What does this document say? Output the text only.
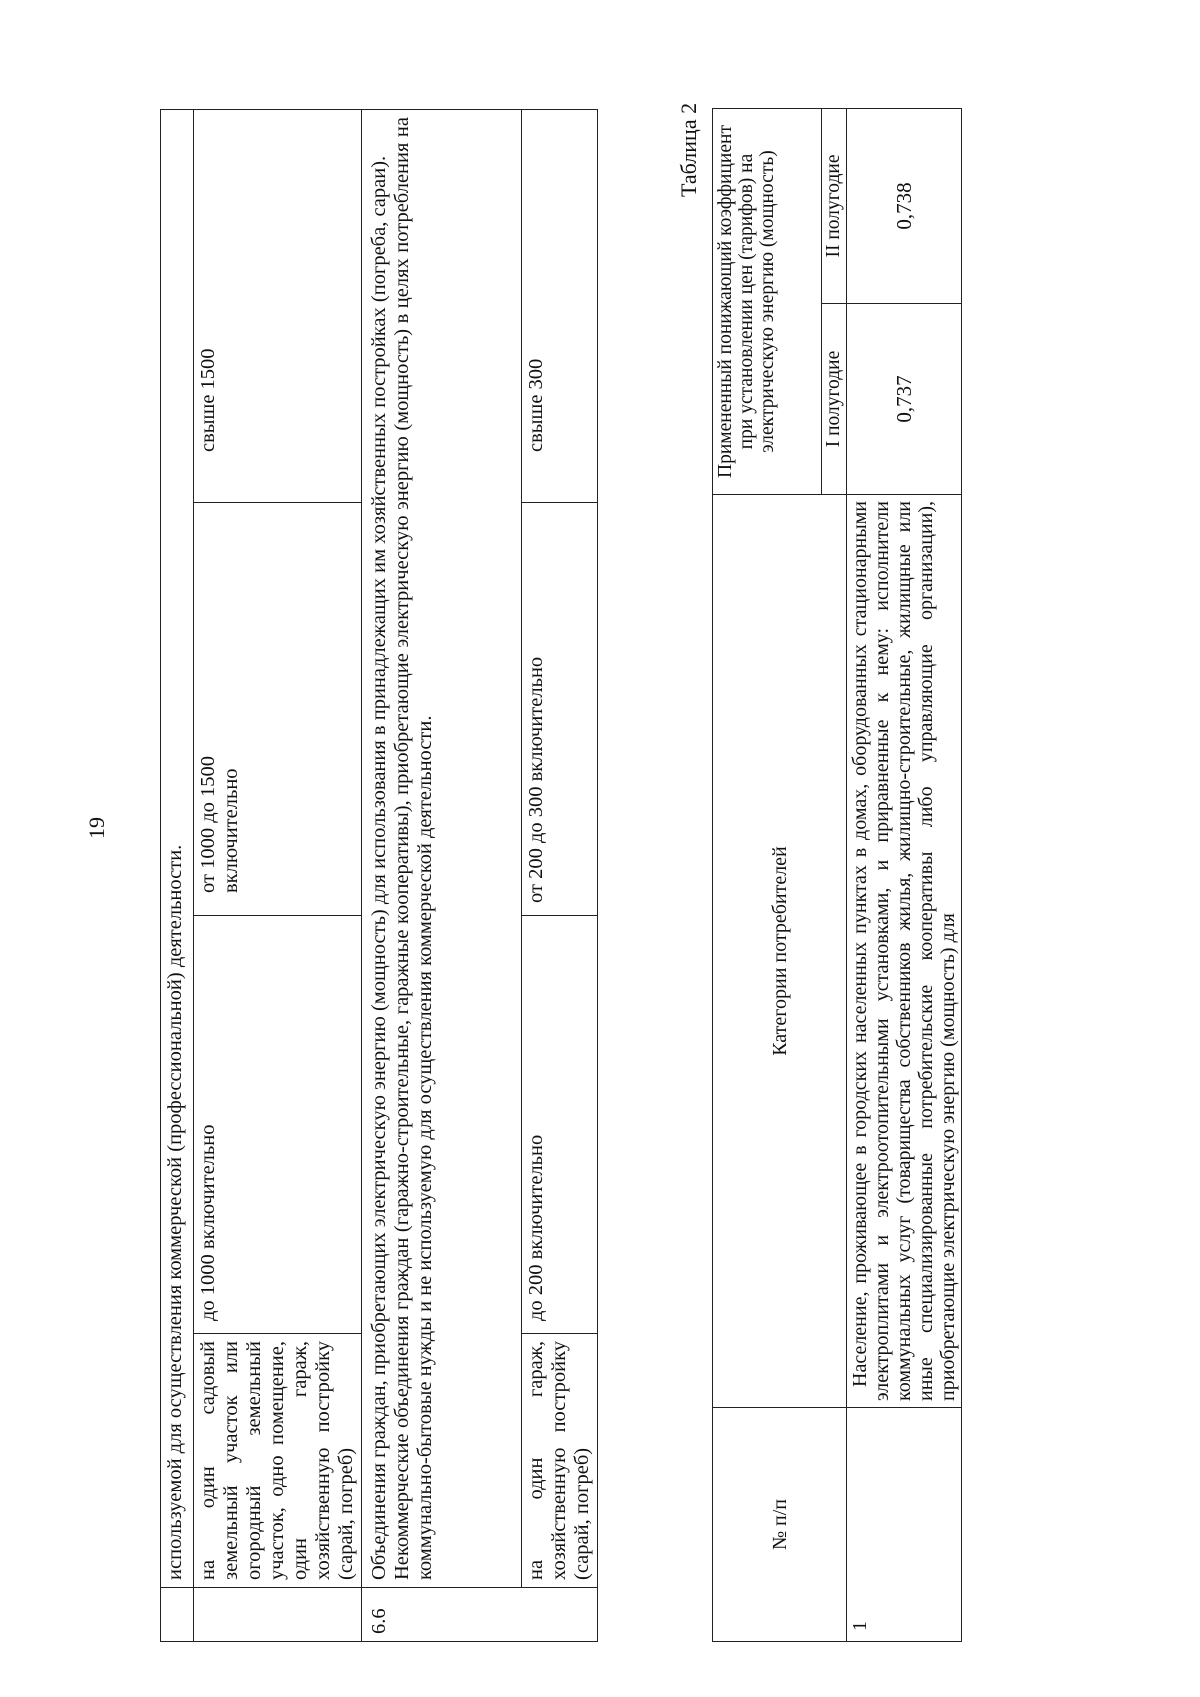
19
	используемой для осуществления коммерческой (профессиональной) деятельности.			
	на один садовый земельный участок или огородный земельный участок, одно помещение, один гараж, хозяйственную постройку (сарай, погреб)	до 1000 включительно	от 1000 до 1500 включительно	свыше 1500
6.6	Объединения граждан, приобретающих электрическую энергию (мощность) для использования в принадлежащих им хозяйственных постройках (погреба, сараи). Некоммерческие объединения граждан (гаражно-строительные, гаражные кооперативы), приобретающие электрическую энергию (мощность) в целях потребления на коммунально-бытовые нужды и не используемую для осуществления коммерческой деятельности.			

	на один гараж, хозяйственную постройку (сарай, погреб)	до 200 включительно	от 200 до 300 включительно	свыше 300
Таблица 2
№ п/п	Категории потребителей	Примененный понижающий коэффициент при установлении цен (тарифов) на электрическую энергию (мощность)	
		I полугодие	II полугодие
1	Население, проживающее в городских населенных пунктах в домах, оборудованных стационарными электроплитами и электроотопительными установками, и приравненные к нему: исполнители коммунальных услуг (товарищества собственников жилья, жилищно-строительные, жилищные или иные специализированные потребительские кооперативы либо управляющие организации), приобретающие электрическую энергию (мощность) для	0,737	0,738
